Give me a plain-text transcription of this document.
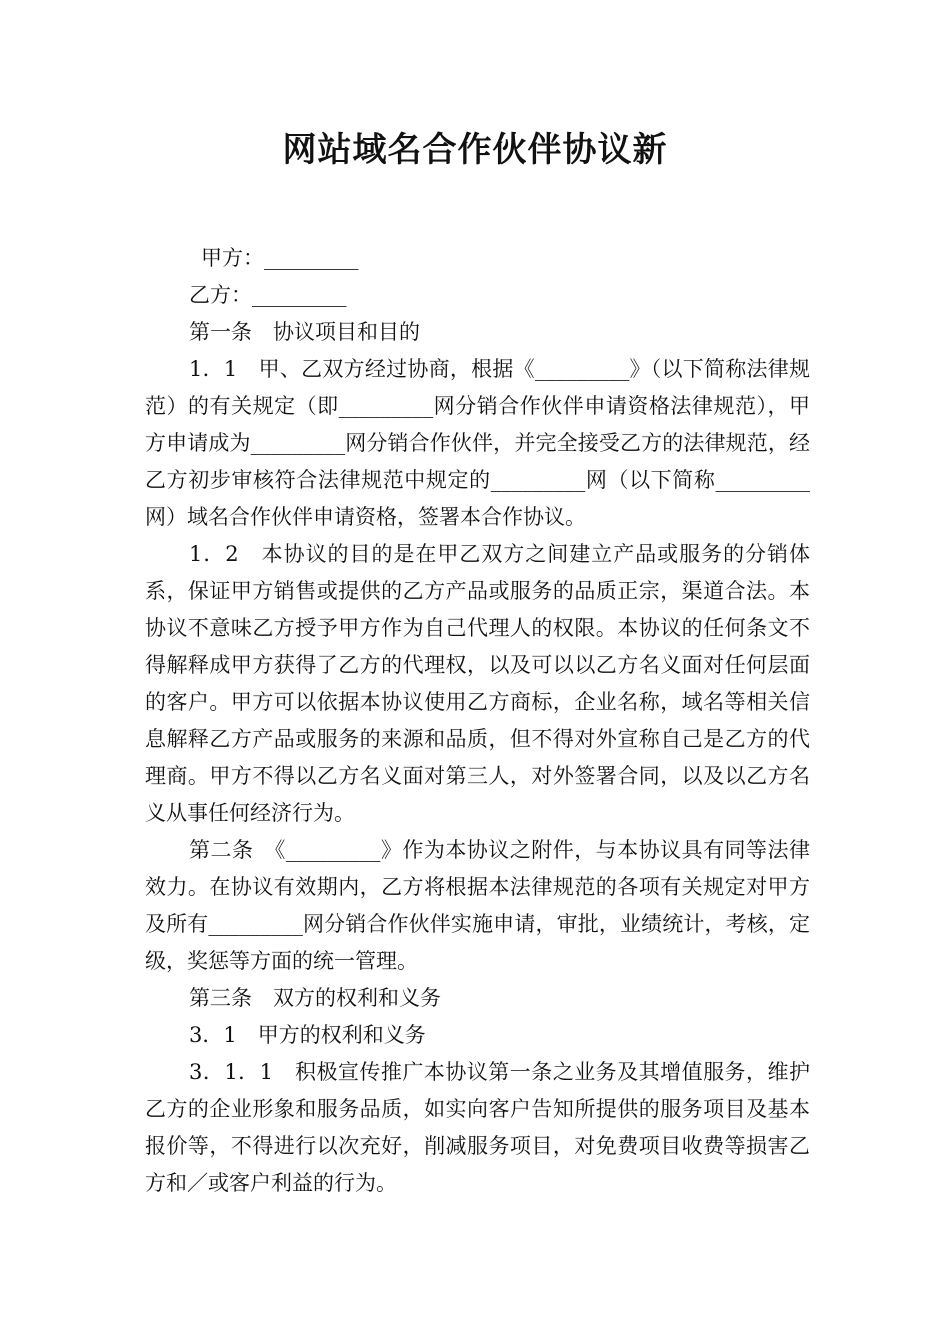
网站域名合作伙伴协议新

甲方：_________

乙方：_________

第一条　协议项目和目的

1．1　甲、乙双方经过协商，根据《_________》（以下简称法律规范）的有关规定（即_________网分销合作伙伴申请资格法律规范），甲方申请成为_________网分销合作伙伴，并完全接受乙方的法律规范，经乙方初步审核符合法律规范中规定的_________网（以下简称_________网）域名合作伙伴申请资格，签署本合作协议。

1．2　本协议的目的是在甲乙双方之间建立产品或服务的分销体系，保证甲方销售或提供的乙方产品或服务的品质正宗，渠道合法。本协议不意味乙方授予甲方作为自己代理人的权限。本协议的任何条文不得解释成甲方获得了乙方的代理权，以及可以以乙方名义面对任何层面的客户。甲方可以依据本协议使用乙方商标，企业名称，域名等相关信息解释乙方产品或服务的来源和品质，但不得对外宣称自己是乙方的代理商。甲方不得以乙方名义面对第三人，对外签署合同，以及以乙方名义从事任何经济行为。

第二条　《_________》作为本协议之附件，与本协议具有同等法律效力。在协议有效期内，乙方将根据本法律规范的各项有关规定对甲方及所有_________网分销合作伙伴实施申请，审批，业绩统计，考核，定级，奖惩等方面的统一管理。

第三条　双方的权利和义务

3．1　甲方的权利和义务

3．1．1　积极宣传推广本协议第一条之业务及其增值服务，维护乙方的企业形象和服务品质，如实向客户告知所提供的服务项目及基本报价等，不得进行以次充好，削减服务项目，对免费项目收费等损害乙方和／或客户利益的行为。
